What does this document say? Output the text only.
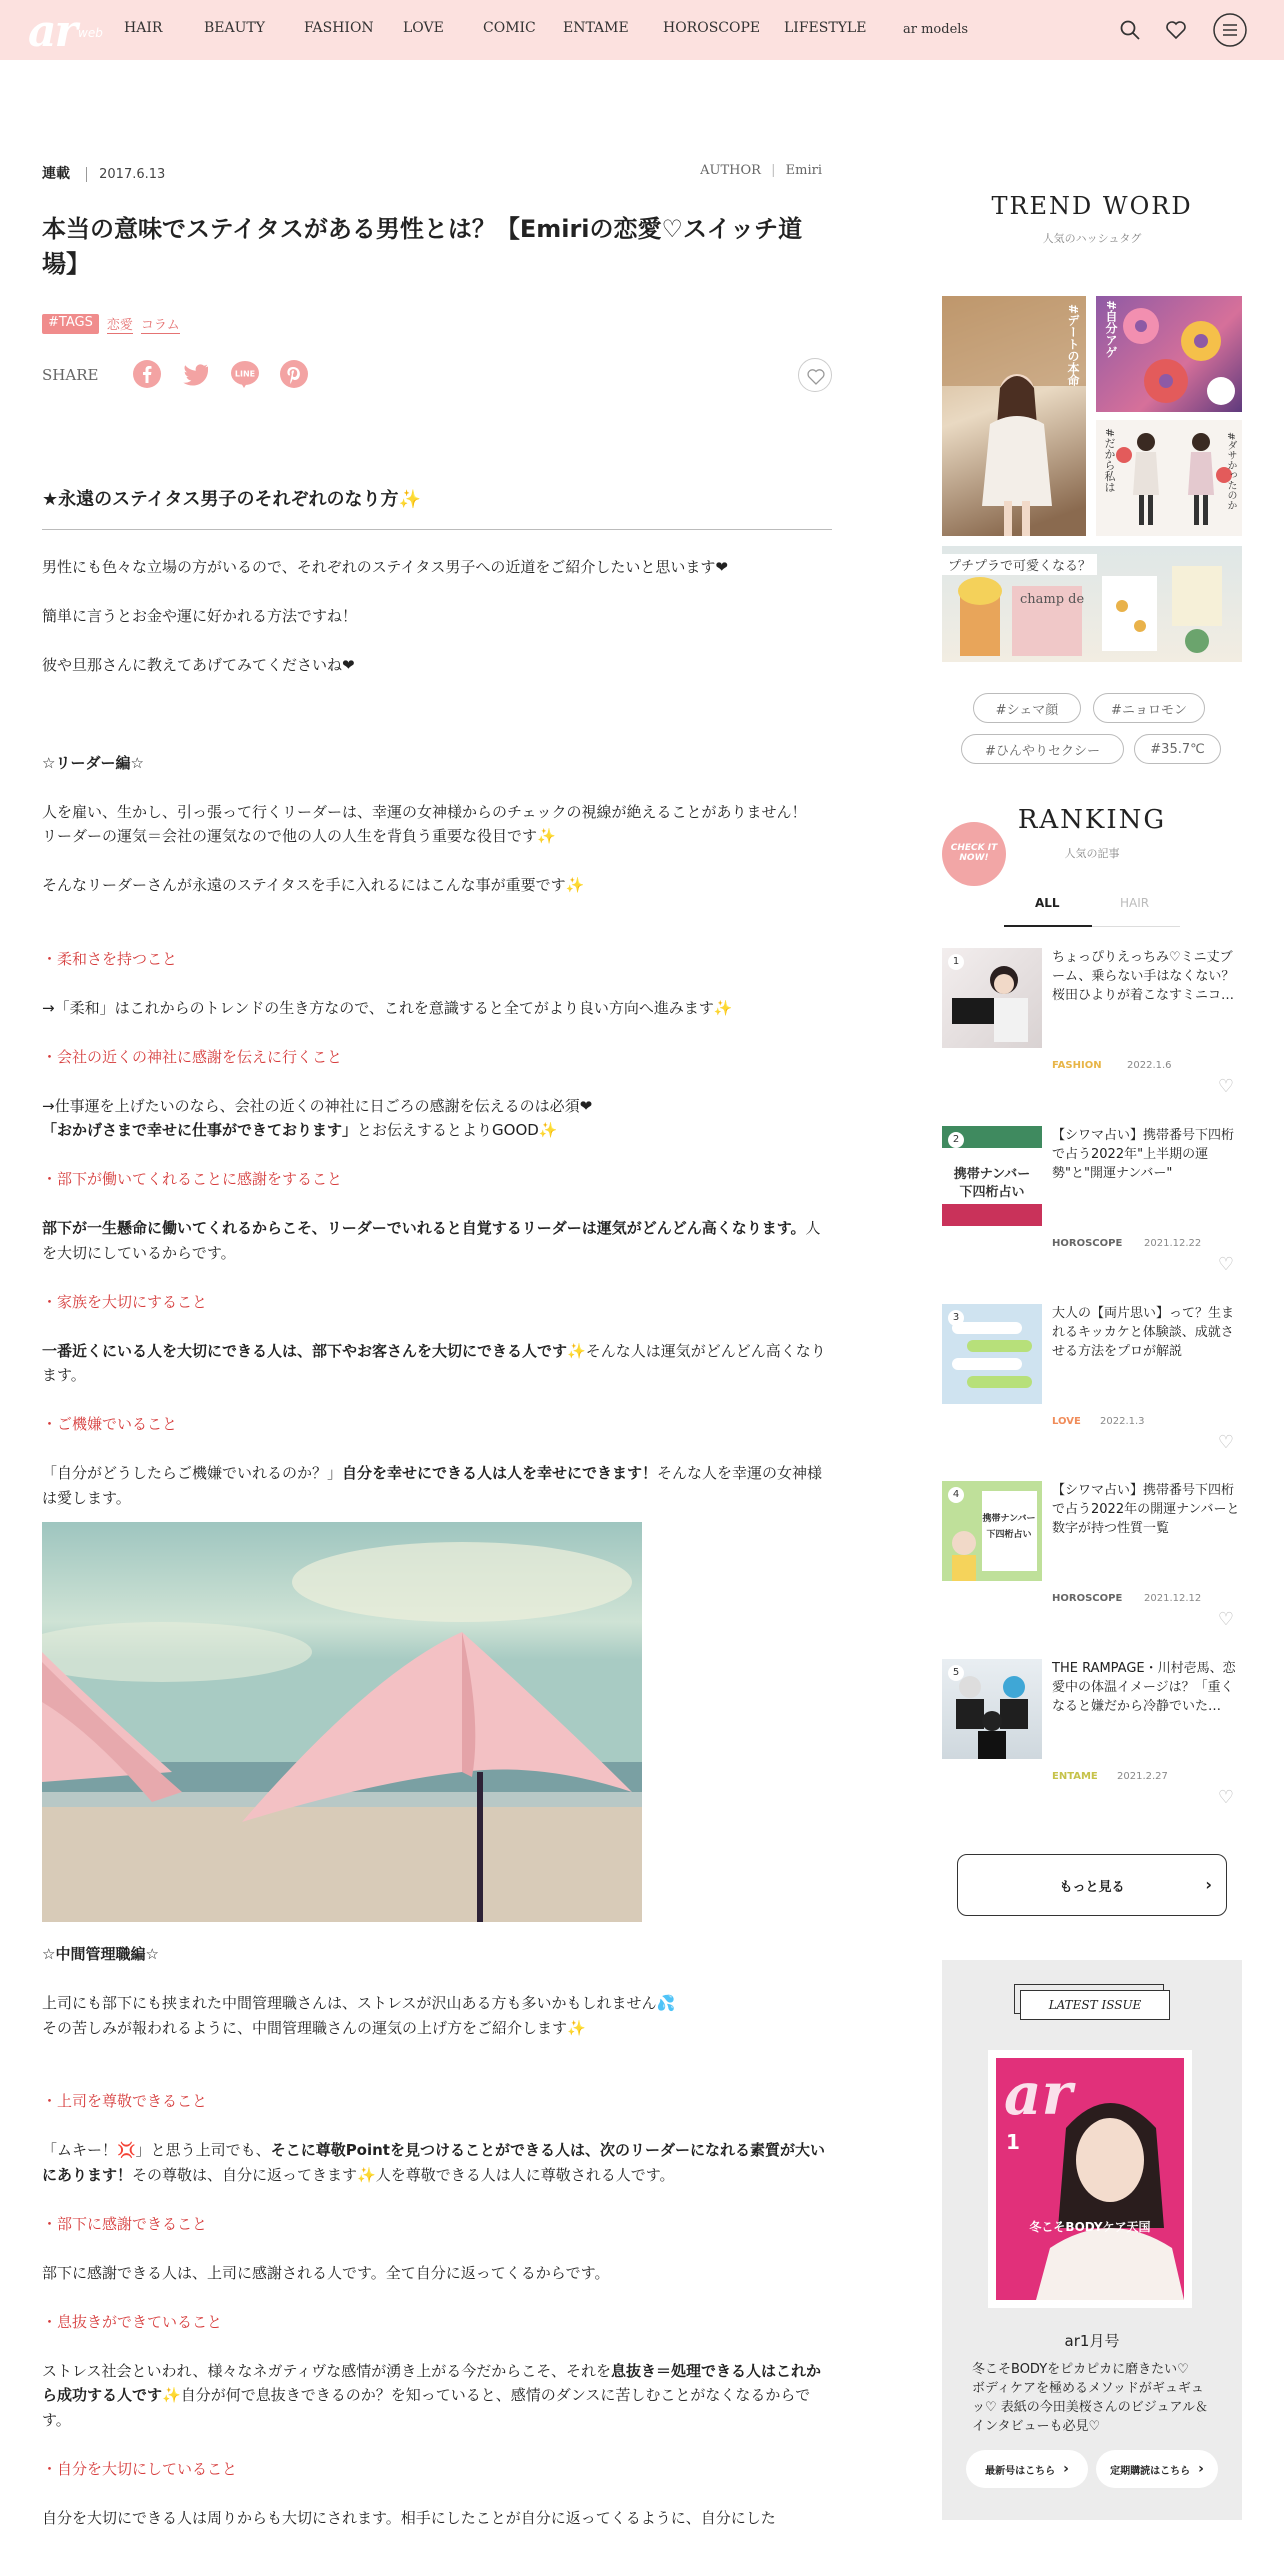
ar web HAIR	BEAUTY	FASHION LOVE	COMIC ENTAME HOROSCOPE LIFESTYLE	ar models
連載 2017.6.13	AUTHOR | Emiri
本当の意味でステイタスがある男性とは？【Emiriの恋愛♡スイッチ道場】
#TAGS	恋愛 コラム
SHARE	LINE
★永遠のステイタス男子のそれぞれのなり方✨

男性にも色々な立場の方がいるので、それぞれのステイタス男子への近道をご紹介したいと思います❤

簡単に言うとお金や運に好かれる方法ですね！

彼や旦那さんに教えてあげてみてくださいね❤

☆リーダー編☆

人を雇い、生かし、引っ張って行くリーダーは、幸運の女神様からのチェックの視線が絶えることがありません！

リーダーの運気＝会社の運気なので他の人の人生を背負う重要な役目です✨

そんなリーダーさんが永遠のステイタスを手に入れるにはこんな事が重要です✨

・柔和さを持つこと

→「柔和」はこれからのトレンドの生き方なので、これを意識すると全てがより良い方向へ進みます✨

・会社の近くの神社に感謝を伝えに行くこと

→仕事運を上げたいのなら、会社の近くの神社に日ごろの感謝を伝えるのは必須❤

「おかげさまで幸せに仕事ができております」とお伝えするとよりGOOD✨

・部下が働いてくれることに感謝をすること

部下が一生懸命に働いてくれるからこそ、リーダーでいれると自覚するリーダーは運気がどんどん高くなります。人を大切にしているからです。

・家族を大切にすること

一番近くにいる人を大切にできる人は、部下やお客さんを大切にできる人です✨そんな人は運気がどんどん高くなります。

・ご機嫌でいること

「自分がどうしたらご機嫌でいれるのか？」自分を幸せにできる人は人を幸せにできます！そんな人を幸運の女神様は愛します。

☆中間管理職編☆

上司にも部下にも挟まれた中間管理職さんは、ストレスが沢山ある方も多いかもしれません💦

その苦しみが報われるように、中間管理職さんの運気の上げ方をご紹介します✨

・上司を尊敬できること

「ムキー！💢」と思う上司でも、そこに尊敬Pointを見つけることができる人は、次のリーダーになれる素質が大いにあります！その尊敬は、自分に返ってきます✨人を尊敬できる人は人に尊敬される人です。

・部下に感謝できること

部下に感謝できる人は、上司に感謝される人です。全て自分に返ってくるからです。

・息抜きができていること

ストレス社会といわれ、様々なネガティヴな感情が湧き上がる今だからこそ、それを息抜き＝処理できる人はこれから成功する人です✨自分が何で息抜きできるのか？を知っていると、感情のダンスに苦しむことがなくなるからです。

・自分を大切にしていること

自分を大切にできる人は周りからも大切にされます。相手にしたことが自分に返ってくるように、自分にした

TREND WORD
人気のハッシュタグ
#デートの本命	#自分アゲ
#だから私は	#ダサかったのか
プチプラで可愛くなる？
champ de
#シェマ顔	#ニョロモン
#ひんやりセクシー	#35.7℃
CHECK IT NOW!
RANKING
人気の記事
ALL	HAIR
1	ちょっぴりえっちみ♡ミニ丈ブーム、乗らない手はなくない？桜田ひよりが着こなすミニコ…
FASHION	2022.1.6
♡
携帯ナンバー
下四桁占い
2	【シワマ占い】携帯番号下四桁で占う2022年"上半期の運勢"と"開運ナンバー"
HOROSCOPE 2021.12.22
♡
3	大人の【両片思い】って？生まれるキッカケと体験談、成就させる方法をプロが解説
LOVE 2022.1.3
♡
携帯ナンバー
下四桁占い
4	【シワマ占い】携帯番号下四桁で占う2022年の開運ナンバーと数字が持つ性質一覧
HOROSCOPE 2021.12.12
♡
5	THE RAMPAGE・川村壱馬、恋愛中の体温イメージは？「重くなると嫌だから冷静でいた…
ENTAME 2021.2.27
♡
もっと見る	›
LATEST ISSUE
ar
1
冬こそBODYケア天国
ar1月号
冬こそBODYをピカピカに磨きたい♡　ボディケアを極めるメソッドがギュギュッ♡ 表紙の今田美桜さんのビジュアル＆インタビューも必見♡
最新号はこちら ›	定期購読はこちら ›
